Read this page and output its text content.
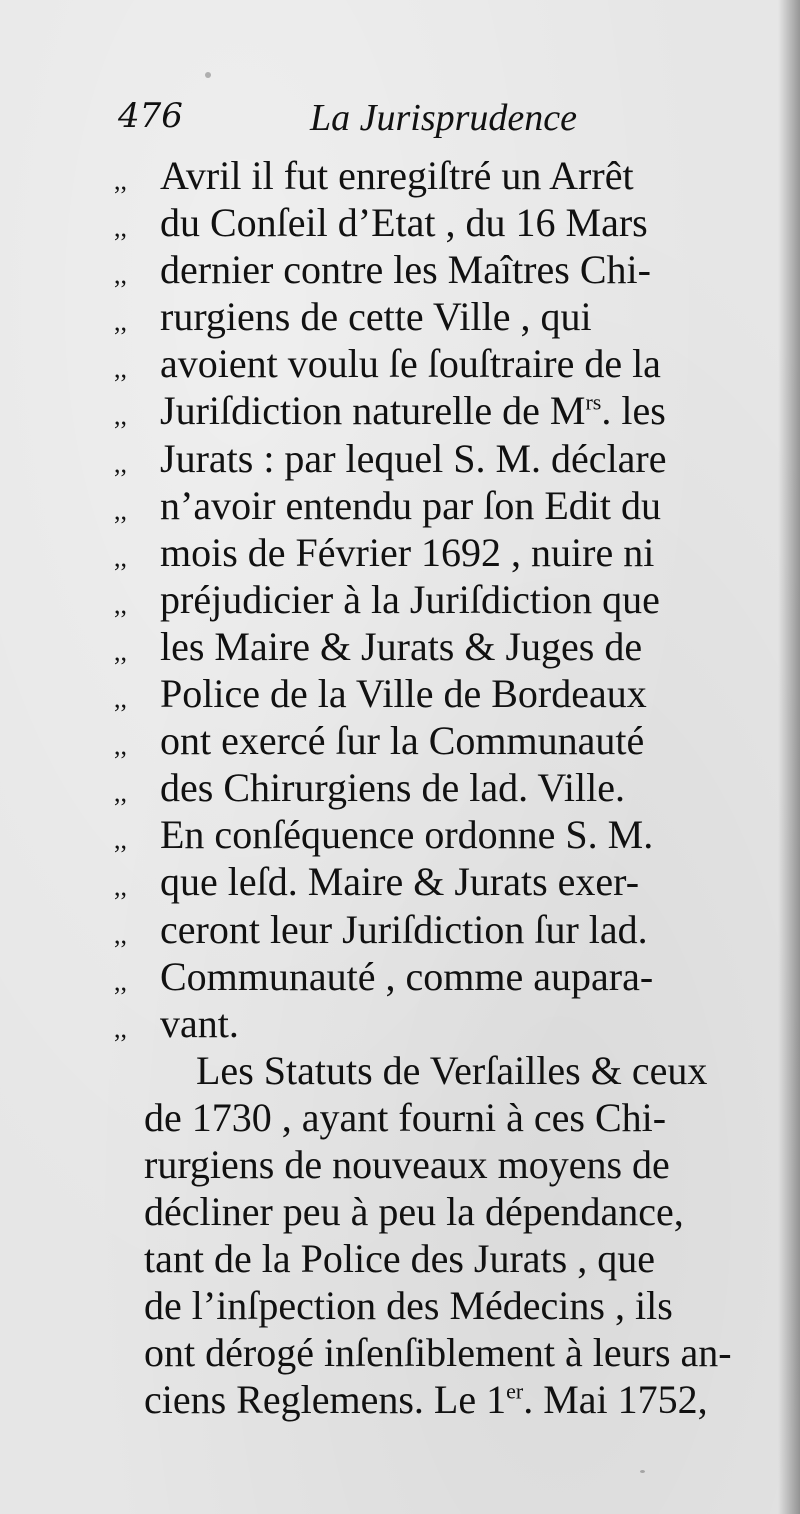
476	La Jurisprudence
,, Avril il fut enregiſtré un Arrêt
,, du Conſeil d’Etat , du 16 Mars
,, dernier contre les Maîtres Chi-
,, rurgiens de cette Ville , qui
,, avoient voulu ſe ſouſtraire de la
,, Juriſdiction naturelle de $M^{rs}$. les
,, Jurats : par lequel S. M. déclare
,, n’avoir entendu par ſon Edit du
,, mois de Février 1692 , nuire ni
,, préjudicier à la Juriſdiction que
,, les Maire & Jurats & Juges de
,, Police de la Ville de Bordeaux
,, ont exercé ſur la Communauté
,, des Chirurgiens de lad. Ville.
,, En conſéquence ordonne S. M.
,, que leſd. Maire & Jurats exer-
,, ceront leur Juriſdiction ſur lad.
,, Communauté , comme aupara-
,, vant.
Les Statuts de Verſailles & ceux
de 1730 , ayant fourni à ces Chi-
rurgiens de nouveaux moyens de
décliner peu à peu la dépendance,
tant de la Police des Jurats , que
de l’inſpection des Médecins , ils
ont dérogé inſenſiblement à leurs an-
ciens Reglemens. Le 1er. Mai 1752,
